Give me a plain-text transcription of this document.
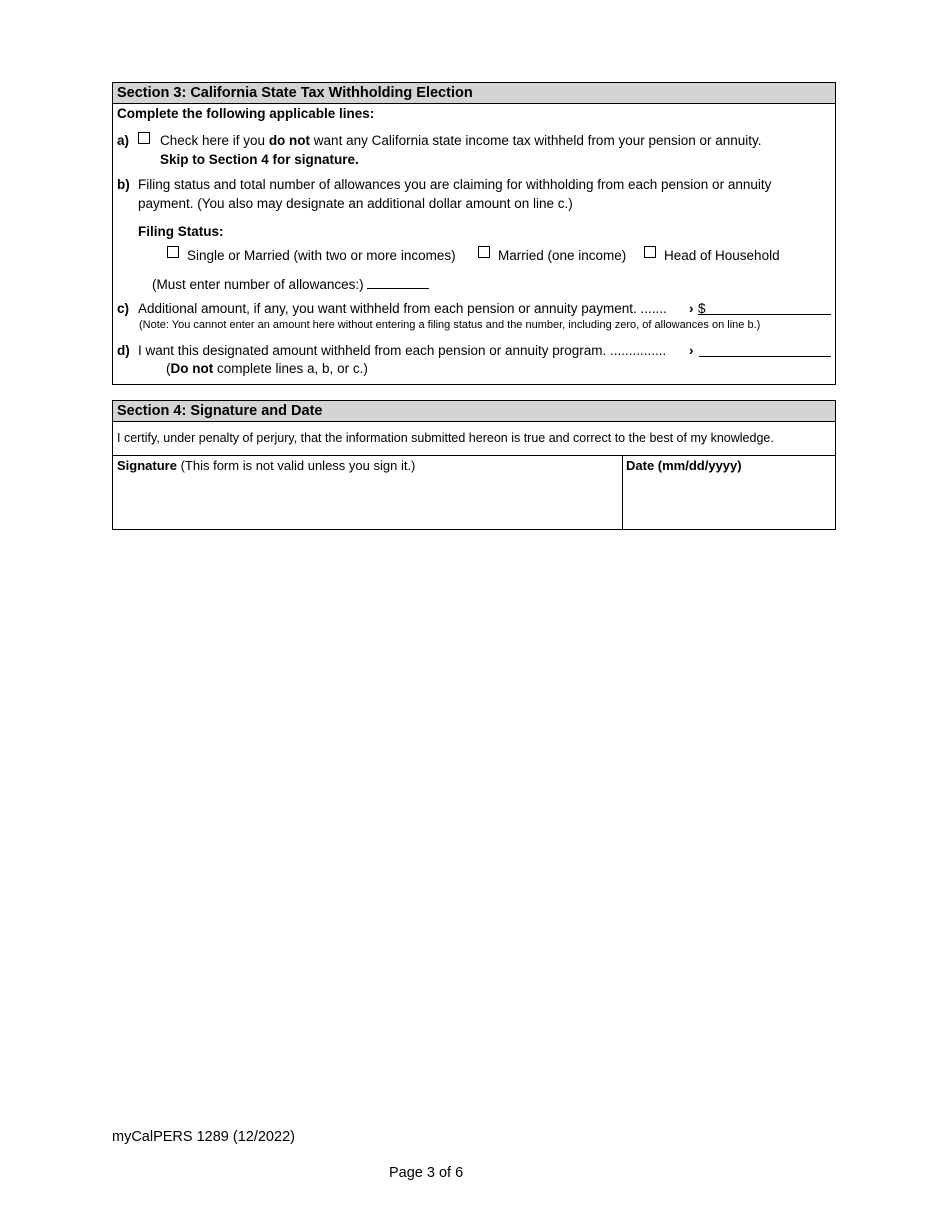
Section 3: California State Tax Withholding Election
Complete the following applicable lines:
a) Check here if you do not want any California state income tax withheld from your pension or annuity.
Skip to Section 4 for signature.
b) Filing status and total number of allowances you are claiming for withholding from each pension or annuity
payment. (You also may designate an additional dollar amount on line c.)
Filing Status:
Single or Married (with two or more incomes)	Married (one income)	Head of Household
(Must enter number of allowances:)
c) Additional amount, if any, you want withheld from each pension or annuity payment. ....... › $
(Note: You cannot enter an amount here without entering a filing status and the number, including zero, of allowances on line b.)
d) I want this designated amount withheld from each pension or annuity program. ............... ›
(Do not complete lines a, b, or c.)
Section 4: Signature and Date
I certify, under penalty of perjury, that the information submitted hereon is true and correct to the best of my knowledge.
Signature (This form is not valid unless you sign it.)	Date (mm/dd/yyyy)
myCalPERS 1289 (12/2022)
Page 3 of 6
